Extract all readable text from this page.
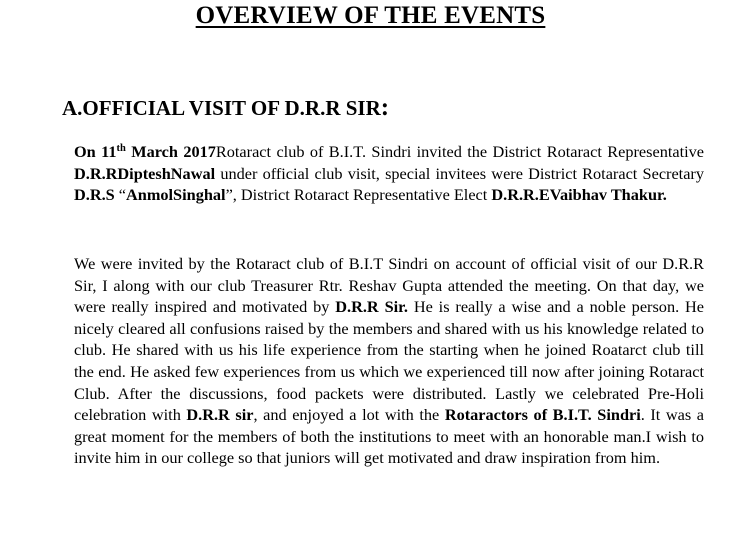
OVERVIEW OF THE EVENTS
A.OFFICIAL VISIT OF D.R.R SIR:
On 11th March 2017Rotaract club of B.I.T. Sindri invited the District Rotaract Representative D.R.RDipteshNawal under official club visit, special invitees were District Rotaract Secretary D.R.S “AnmolSinghal”, District Rotaract Representative Elect D.R.R.EVaibhav Thakur.
We were invited by the Rotaract club of B.I.T Sindri on account of official visit of our D.R.R Sir, I along with our club Treasurer Rtr. Reshav Gupta attended the meeting. On that day, we were really inspired and motivated by D.R.R Sir. He is really a wise and a noble person. He nicely cleared all confusions raised by the members and shared with us his knowledge related to club. He shared with us his life experience from the starting when he joined Roatarct club till the end. He asked few experiences from us which we experienced till now after joining Rotaract Club. After the discussions, food packets were distributed. Lastly we celebrated Pre-Holi celebration with D.R.R sir, and enjoyed a lot with the Rotaractors of B.I.T. Sindri. It was a great moment for the members of both the institutions to meet with an honorable man.I wish to invite him in our college so that juniors will get motivated and draw inspiration from him.
